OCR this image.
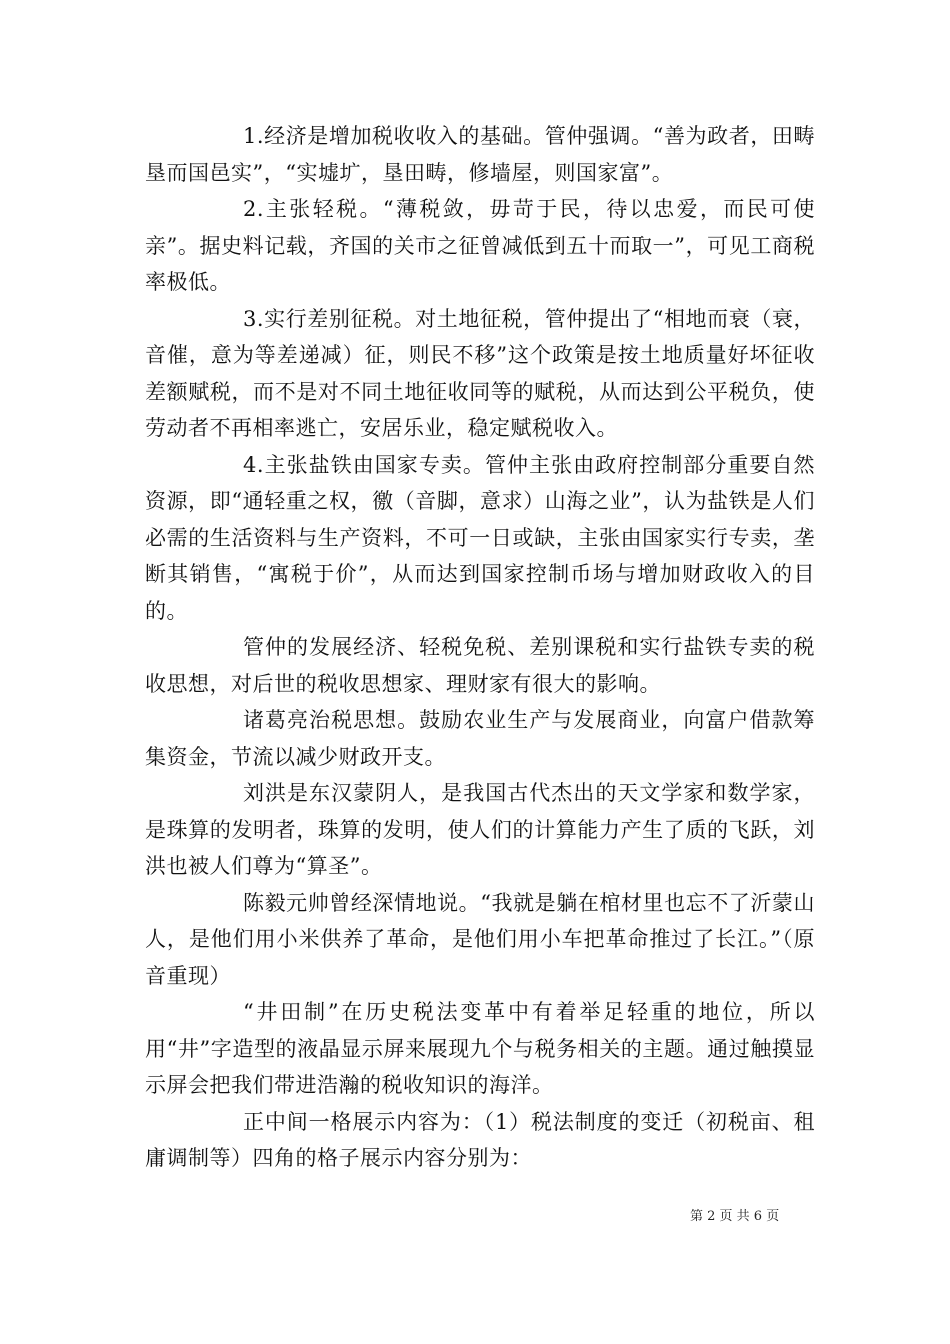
1.经济是增加税收收入的基础。管仲强调。“善为政者，田畴垦而国邑实”，“实墟圹，垦田畴，修墙屋，则国家富”。

2.主张轻税。“薄税敛，毋苛于民，待以忠爱，而民可使亲”。据史料记载，齐国的关市之征曾减低到五十而取一”，可见工商税率极低。

3.实行差别征税。对土地征税，管仲提出了“相地而衰（衰，音催，意为等差递减）征，则民不移”这个政策是按土地质量好坏征收差额赋税，而不是对不同土地征收同等的赋税，从而达到公平税负，使劳动者不再相率逃亡，安居乐业，稳定赋税收入。

4.主张盐铁由国家专卖。管仲主张由政府控制部分重要自然资源，即“通轻重之权，徼（音脚，意求）山海之业”，认为盐铁是人们必需的生活资料与生产资料，不可一日或缺，主张由国家实行专卖，垄断其销售，“寓税于价”，从而达到国家控制币场与增加财政收入的目的。

管仲的发展经济、轻税免税、差别课税和实行盐铁专卖的税收思想，对后世的税收思想家、理财家有很大的影响。

诸葛亮治税思想。鼓励农业生产与发展商业，向富户借款筹集资金，节流以减少财政开支。

刘洪是东汉蒙阴人，是我国古代杰出的天文学家和数学家，是珠算的发明者，珠算的发明，使人们的计算能力产生了质的飞跃，刘洪也被人们尊为“算圣”。

陈毅元帅曾经深情地说。“我就是躺在棺材里也忘不了沂蒙山人，是他们用小米供养了革命，是他们用小车把革命推过了长江。”（原音重现）

“井田制”在历史税法变革中有着举足轻重的地位，所以用“井”字造型的液晶显示屏来展现九个与税务相关的主题。通过触摸显示屏会把我们带进浩瀚的税收知识的海洋。

正中间一格展示内容为：（1）税法制度的变迁（初税亩、租庸调制等）四角的格子展示内容分别为：

第 2 页 共 6 页
